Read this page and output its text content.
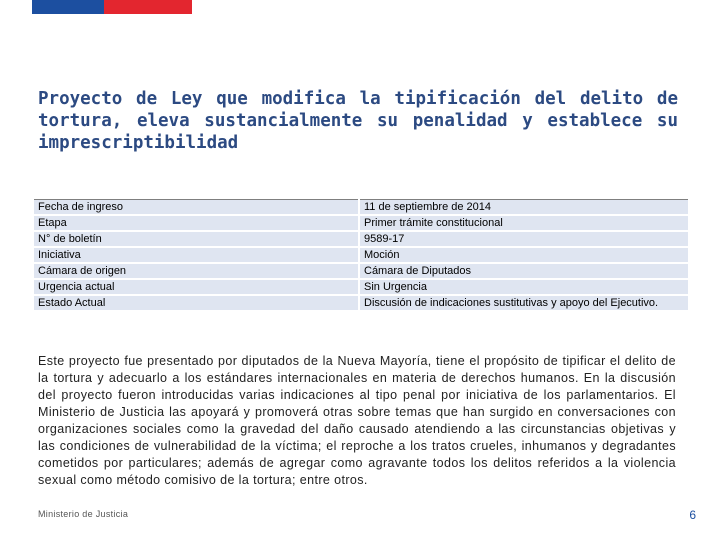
Proyecto de Ley que modifica la tipificación del delito de tortura, eleva sustancialmente su penalidad y establece su imprescriptibilidad
Fecha de ingreso	11 de septiembre de 2014
Etapa	Primer trámite constitucional
N° de boletín	9589-17
Iniciativa	Moción
Cámara de origen	Cámara de Diputados
Urgencia actual	Sin Urgencia
Estado Actual	Discusión de indicaciones sustitutivas y apoyo del Ejecutivo.

Este proyecto fue presentado por diputados de la Nueva Mayoría, tiene el propósito de tipificar el delito de la tortura y adecuarlo a los estándares internacionales en materia de derechos humanos. En la discusión del proyecto fueron introducidas varias indicaciones al tipo penal por iniciativa de los parlamentarios. El Ministerio de Justicia las apoyará y promoverá otras sobre temas que han surgido en conversaciones con organizaciones sociales como la gravedad del daño causado atendiendo a las circunstancias objetivas y las condiciones de vulnerabilidad de la víctima; el reproche a los tratos crueles, inhumanos y degradantes cometidos por particulares; además de agregar como agravante todos los delitos referidos a la violencia sexual como método comisivo de la tortura; entre otros.

Ministerio de Justicia	6
